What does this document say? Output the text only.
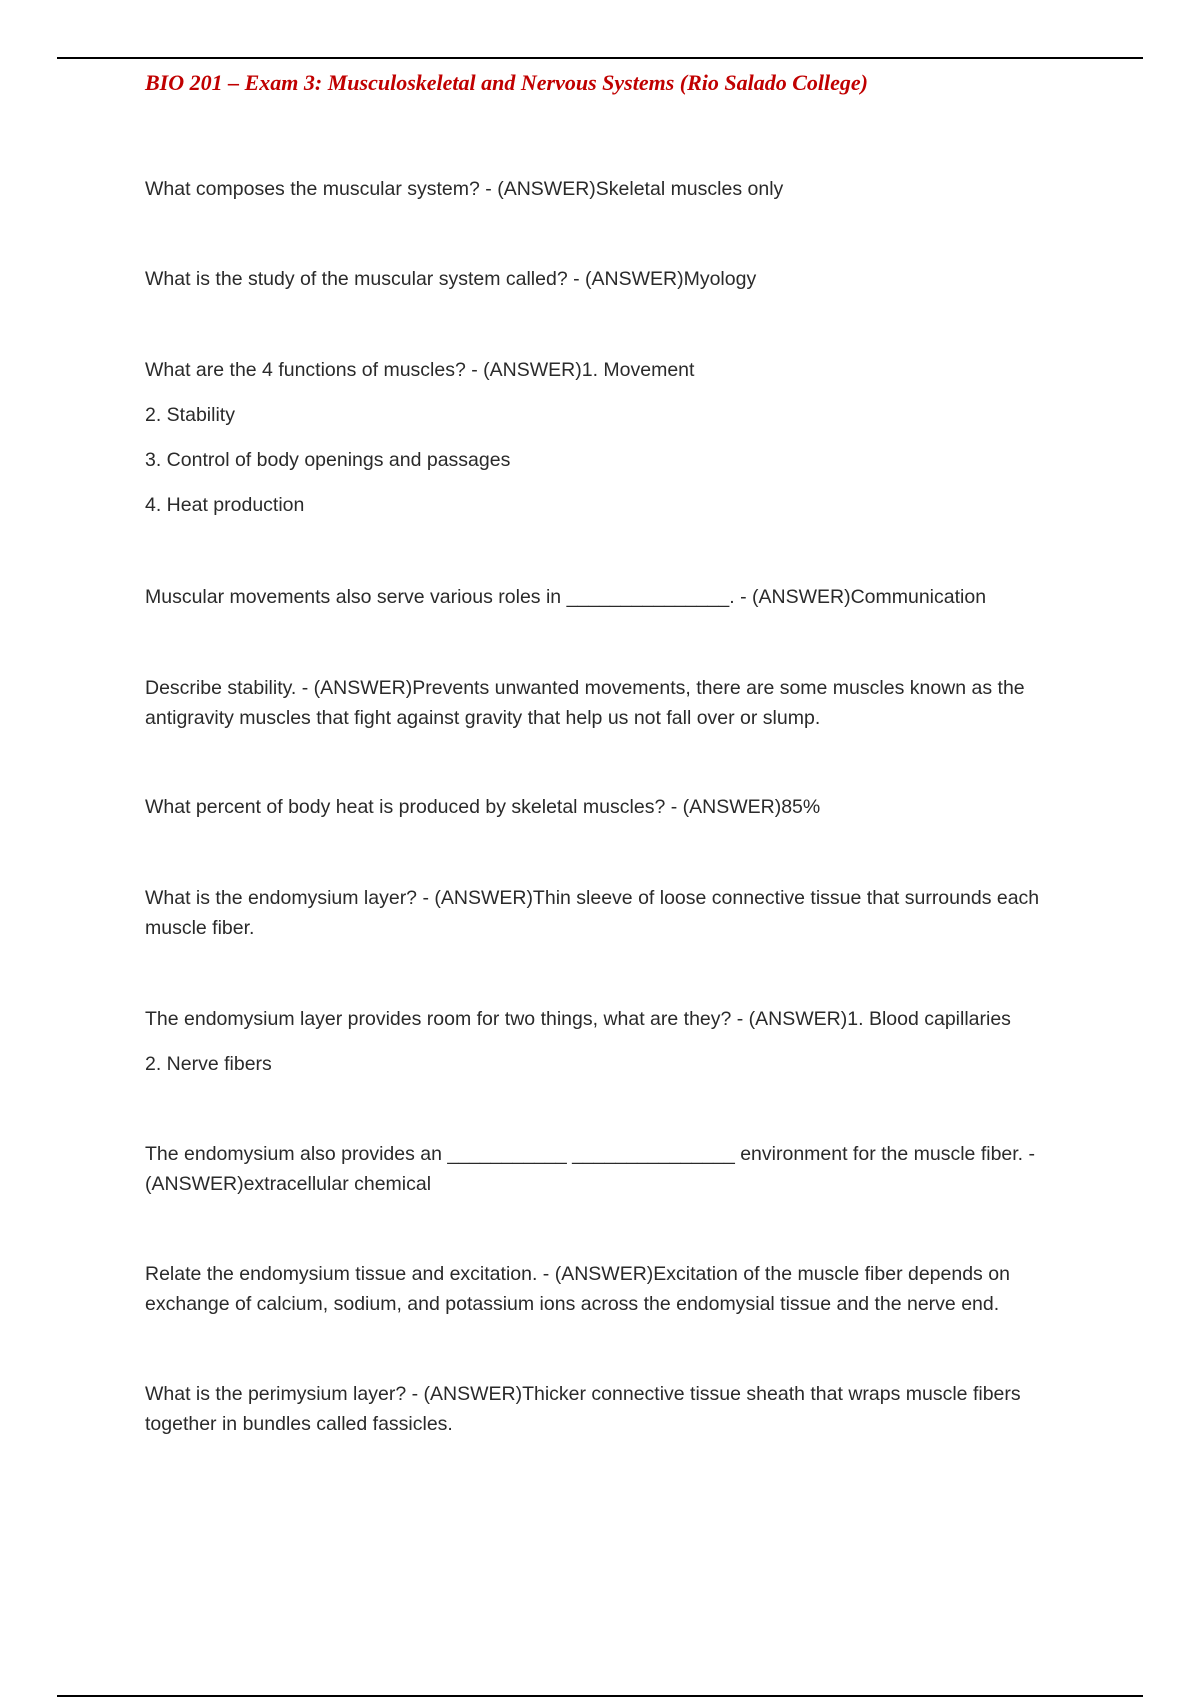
BIO 201 – Exam 3: Musculoskeletal and Nervous Systems (Rio Salado College)
What composes the muscular system? - (ANSWER)Skeletal muscles only
What is the study of the muscular system called? - (ANSWER)Myology
What are the 4 functions of muscles? - (ANSWER)1. Movement
2. Stability
3. Control of body openings and passages
4. Heat production
Muscular movements also serve various roles in _______________. - (ANSWER)Communication
Describe stability. - (ANSWER)Prevents unwanted movements, there are some muscles known as the antigravity muscles that fight against gravity that help us not fall over or slump.
What percent of body heat is produced by skeletal muscles? - (ANSWER)85%
What is the endomysium layer? - (ANSWER)Thin sleeve of loose connective tissue that surrounds each muscle fiber.
The endomysium layer provides room for two things, what are they? - (ANSWER)1. Blood capillaries
2. Nerve fibers
The endomysium also provides an ___________ _______________ environment for the muscle fiber. - (ANSWER)extracellular chemical
Relate the endomysium tissue and excitation. - (ANSWER)Excitation of the muscle fiber depends on exchange of calcium, sodium, and potassium ions across the endomysial tissue and the nerve end.
What is the perimysium layer? - (ANSWER)Thicker connective tissue sheath that wraps muscle fibers together in bundles called fassicles.
